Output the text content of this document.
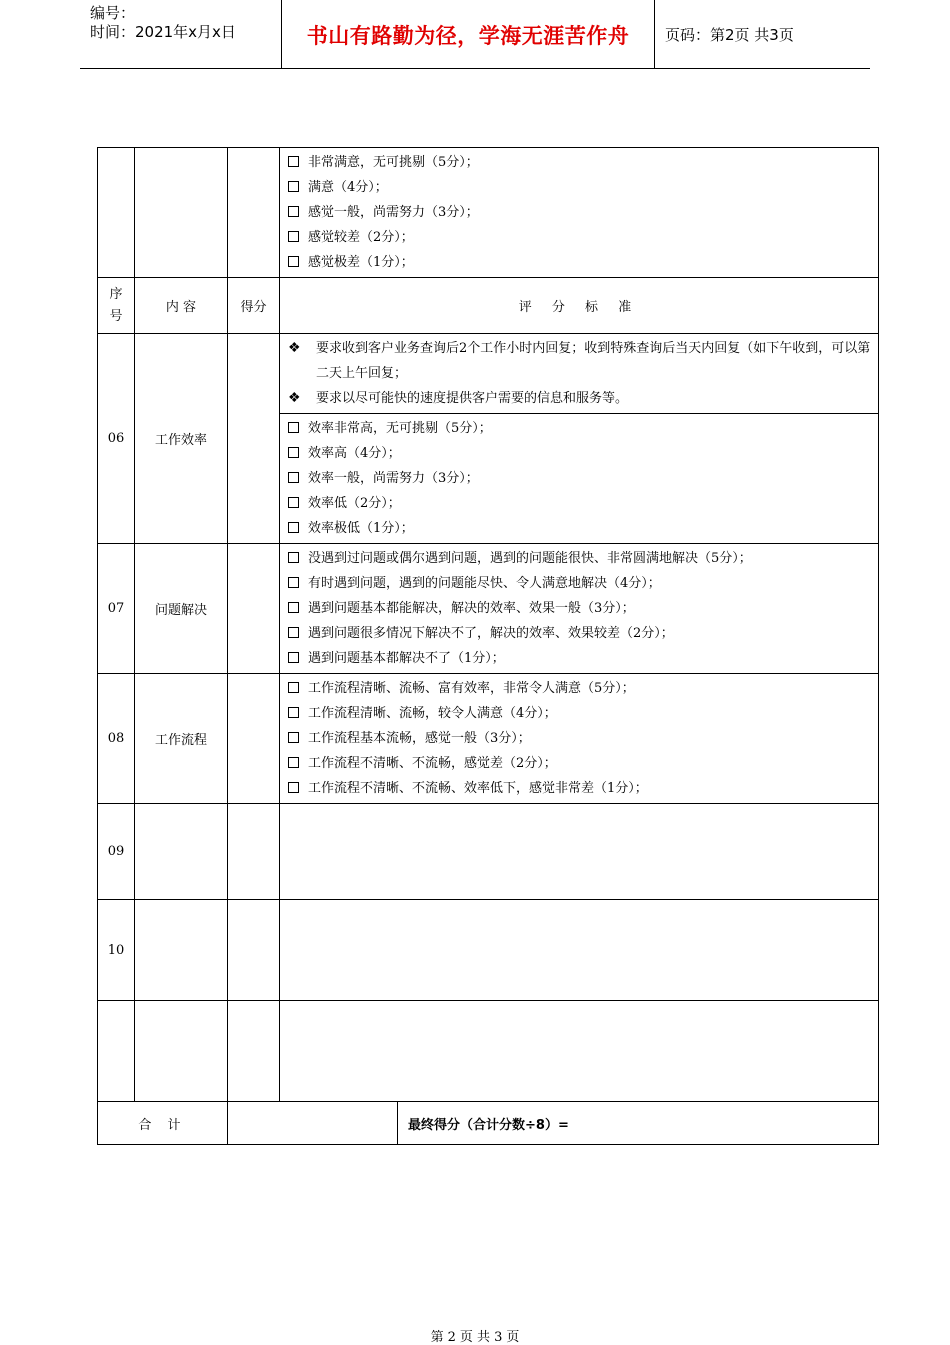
编号：
时间：2021年x月x日	书山有路勤为径，学海无涯苦作舟	页码：第2页 共3页

			非常满意，无可挑剔（5分）；
满意（4分）；
感觉一般，尚需努力（3分）；
感觉较差（2分）；
感觉极差（1分）；	

序号	内 容	得分	评 分 标 准	
06	工作效率		❖ 要求收到客户业务查询后2个工作小时内回复；收到特殊查询后当天内回复（如下午收到，可以第二天上午回复；
❖ 要求以尽可能快的速度提供客户需要的信息和服务等。	

			效率非常高，无可挑剔（5分）；
效率高（4分）；
效率一般，尚需努力（3分）；
效率低（2分）；
效率极低（1分）；	

07	问题解决		没遇到过问题或偶尔遇到问题，遇到的问题能很快、非常圆满地解决（5分）；
有时遇到问题，遇到的问题能尽快、令人满意地解决（4分）；
遇到问题基本都能解决，解决的效率、效果一般（3分）；
遇到问题很多情况下解决不了，解决的效率、效果较差（2分）；
遇到问题基本都解决不了（1分）；	

08	工作流程		工作流程清晰、流畅、富有效率，非常令人满意（5分）；
工作流程清晰、流畅，较令人满意（4分）；
工作流程基本流畅，感觉一般（3分）；
工作流程不清晰、不流畅，感觉差（2分）；
工作流程不清晰、不流畅、效率低下，感觉非常差（1分）；	

09				
10				

合 计				最终得分（合计分数÷8）=
第 2 页 共 3 页
